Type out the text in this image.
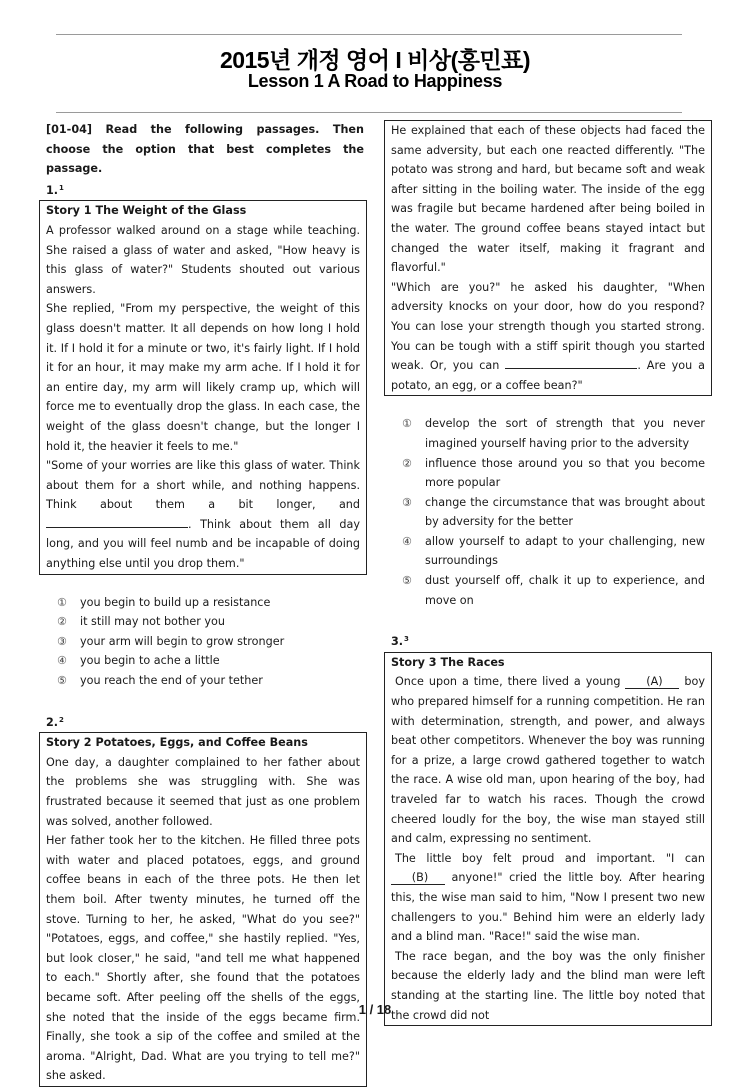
2015년 개정 영어 I 비상(홍민표)
Lesson 1 A Road to Happiness
[01-04] Read the following passages. Then choose the option that best completes the passage.
1.$^1$

Story 1 The Weight of the Glass

A professor walked around on a stage while teaching. She raised a glass of water and asked, "How heavy is this glass of water?" Students shouted out various answers.

She replied, "From my perspective, the weight of this glass doesn't matter. It all depends on how long I hold it. If I hold it for a minute or two, it's fairly light. If I hold it for an hour, it may make my arm ache. If I hold it for an entire day, my arm will likely cramp up, which will force me to eventually drop the glass. In each case, the weight of the glass doesn't change, but the longer I hold it, the heavier it feels to me."

"Some of your worries are like this glass of water. Think about them for a short while, and nothing happens. Think about them a bit longer, and . Think about them all day long, and you will feel numb and be incapable of doing anything else until you drop them."

① you begin to build up a resistance
② it still may not bother you
③ your arm will begin to grow stronger
④ you begin to ache a little
⑤ you reach the end of your tether
2.$^2$

Story 2 Potatoes, Eggs, and Coffee Beans

One day, a daughter complained to her father about the problems she was struggling with. She was frustrated because it seemed that just as one problem was solved, another followed.

Her father took her to the kitchen. He filled three pots with water and placed potatoes, eggs, and ground coffee beans in each of the three pots. He then let them boil. After twenty minutes, he turned off the stove. Turning to her, he asked, "What do you see?" "Potatoes, eggs, and coffee," she hastily replied. "Yes, but look closer," he said, "and tell me what happened to each." Shortly after, she found that the potatoes became soft. After peeling off the shells of the eggs, she noted that the inside of the eggs became firm. Finally, she took a sip of the coffee and smiled at the aroma. "Alright, Dad. What are you trying to tell me?" she asked.

He explained that each of these objects had faced the same adversity, but each one reacted differently. "The potato was strong and hard, but became soft and weak after sitting in the boiling water. The inside of the egg was fragile but became hardened after being boiled in the water. The ground coffee beans stayed intact but changed the water itself, making it fragrant and flavorful."

"Which are you?" he asked his daughter, "When adversity knocks on your door, how do you respond? You can lose your strength though you started strong. You can be tough with a stiff spirit though you started weak. Or, you can	. Are you a potato, an egg, or a coffee bean?"

① develop the sort of strength that you never imagined yourself having prior to the adversity
② influence those around you so that you become more popular
③ change the circumstance that was brought about by adversity for the better
④ allow yourself to adapt to your challenging, new surroundings
⑤ dust yourself off, chalk it up to experience, and move on
3.$^3$

Story 3 The Races

Once upon a time, there lived a young (A) boy who prepared himself for a running competition. He ran with determination, strength, and power, and always beat other competitors. Whenever the boy was running for a prize, a large crowd gathered together to watch the race. A wise old man, upon hearing of the boy, had traveled far to watch his races. Though the crowd cheered loudly for the boy, the wise man stayed still and calm, expressing no sentiment.

The little boy felt proud and important. "I can (B) anyone!" cried the little boy. After hearing this, the wise man said to him, "Now I present two new challengers to you." Behind him were an elderly lady and a blind man. "Race!" said the wise man.

The race began, and the boy was the only finisher because the elderly lady and the blind man were left standing at the starting line. The little boy noted that the crowd did not

1 / 18
